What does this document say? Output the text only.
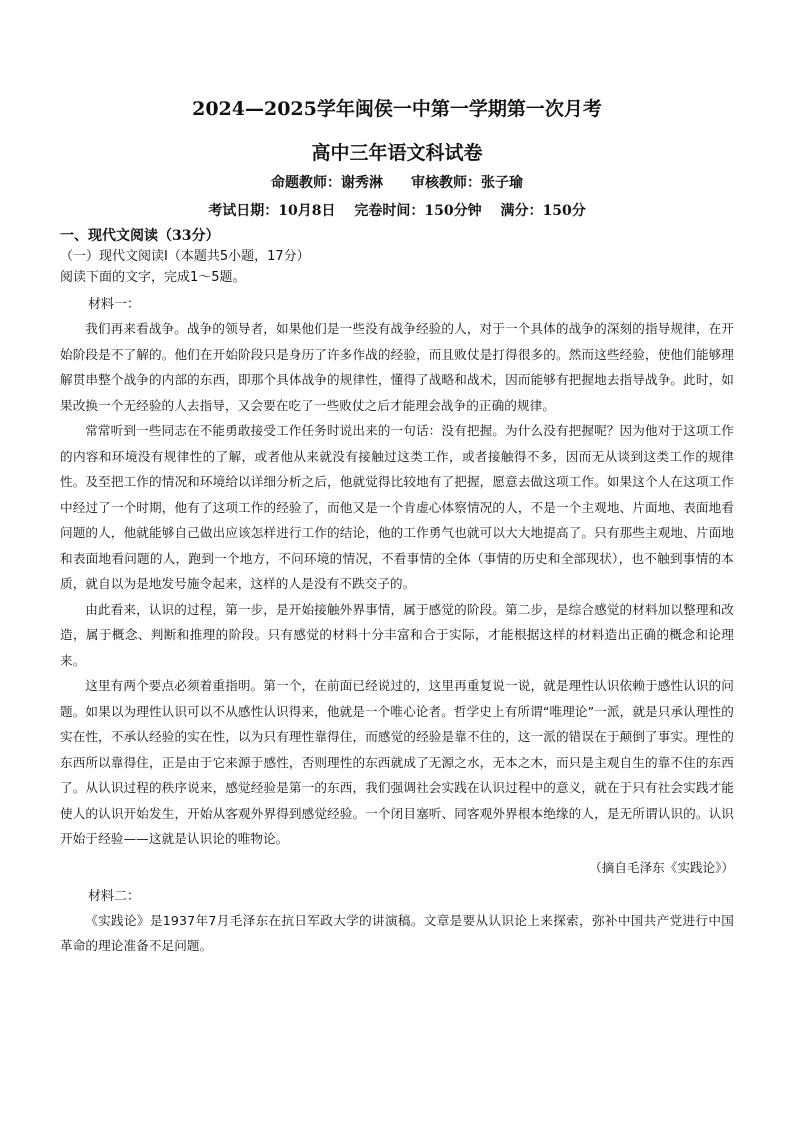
2024—2025学年闽侯一中第一学期第一次月考
高中三年语文科试卷

命题教师：谢秀淋　　审核教师：张子瑜

考试日期：10月8日　 完卷时间：150分钟　 满分：150分

一、现代文阅读（33分）

（一）现代文阅读Ⅰ（本题共5小题，17分）

阅读下面的文字，完成1～5题。

材料一：

我们再来看战争。战争的领导者，如果他们是一些没有战争经验的人，对于一个具体的战争的深刻的指导规律，在开始阶段是不了解的。他们在开始阶段只是身历了许多作战的经验，而且败仗是打得很多的。然而这些经验，使他们能够理解贯串整个战争的内部的东西，即那个具体战争的规律性，懂得了战略和战术，因而能够有把握地去指导战争。此时，如果改换一个无经验的人去指导，又会要在吃了一些败仗之后才能理会战争的正确的规律。

常常听到一些同志在不能勇敢接受工作任务时说出来的一句话：没有把握。为什么没有把握呢？因为他对于这项工作的内容和环境没有规律性的了解，或者他从来就没有接触过这类工作，或者接触得不多，因而无从谈到这类工作的规律性。及至把工作的情况和环境给以详细分析之后，他就觉得比较地有了把握，愿意去做这项工作。如果这个人在这项工作中经过了一个时期，他有了这项工作的经验了，而他又是一个肯虚心体察情况的人，不是一个主观地、片面地、表面地看问题的人，他就能够自己做出应该怎样进行工作的结论，他的工作勇气也就可以大大地提高了。只有那些主观地、片面地和表面地看问题的人，跑到一个地方，不问环境的情况，不看事情的全体（事情的历史和全部现状），也不触到事情的本质，就自以为是地发号施令起来，这样的人是没有不跌交子的。

由此看来，认识的过程，第一步，是开始接触外界事情，属于感觉的阶段。第二步，是综合感觉的材料加以整理和改造，属于概念、判断和推理的阶段。只有感觉的材料十分丰富和合于实际，才能根据这样的材料造出正确的概念和论理来。

这里有两个要点必须着重指明。第一个，在前面已经说过的，这里再重复说一说，就是理性认识依赖于感性认识的问题。如果以为理性认识可以不从感性认识得来，他就是一个唯心论者。哲学史上有所谓“唯理论”一派，就是只承认理性的实在性，不承认经验的实在性，以为只有理性靠得住，而感觉的经验是靠不住的，这一派的错误在于颠倒了事实。理性的东西所以靠得住，正是由于它来源于感性，否则理性的东西就成了无源之水，无本之木，而只是主观自生的靠不住的东西了。从认识过程的秩序说来，感觉经验是第一的东西，我们强调社会实践在认识过程中的意义，就在于只有社会实践才能使人的认识开始发生，开始从客观外界得到感觉经验。一个闭目塞听、同客观外界根本绝缘的人，是无所谓认识的。认识开始于经验——这就是认识论的唯物论。

（摘自毛泽东《实践论》）

材料二：

《实践论》是1937年7月毛泽东在抗日军政大学的讲演稿。文章是要从认识论上来探索，弥补中国共产党进行中国革命的理论准备不足问题。
